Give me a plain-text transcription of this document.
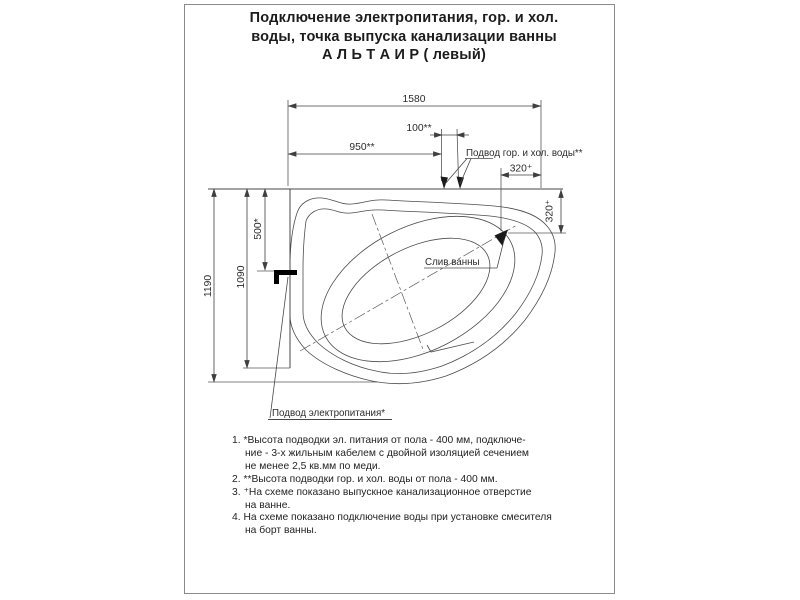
Подключение электропитания, гор. и хол.
воды, точка выпуска канализации ванны
А Л Ь Т А И Р ( левый)
1580
950**
100**
320⁺
320⁺
1190 1090
500*
Подвод гор. и хол. воды**
Слив ванны
Подвод электропитания*
1. *Высота подводки эл. питания от пола - 400 мм, подключе-
ние - 3-х жильным кабелем с двойной изоляцией сечением
не менее 2,5 кв.мм по меди.
2. **Высота подводки гор. и хол. воды от пола - 400 мм.
3. ⁺На схеме показано выпускное канализационное отверстие
на ванне.
4. На схеме показано подключение воды при установке смесителя
на борт ванны.
